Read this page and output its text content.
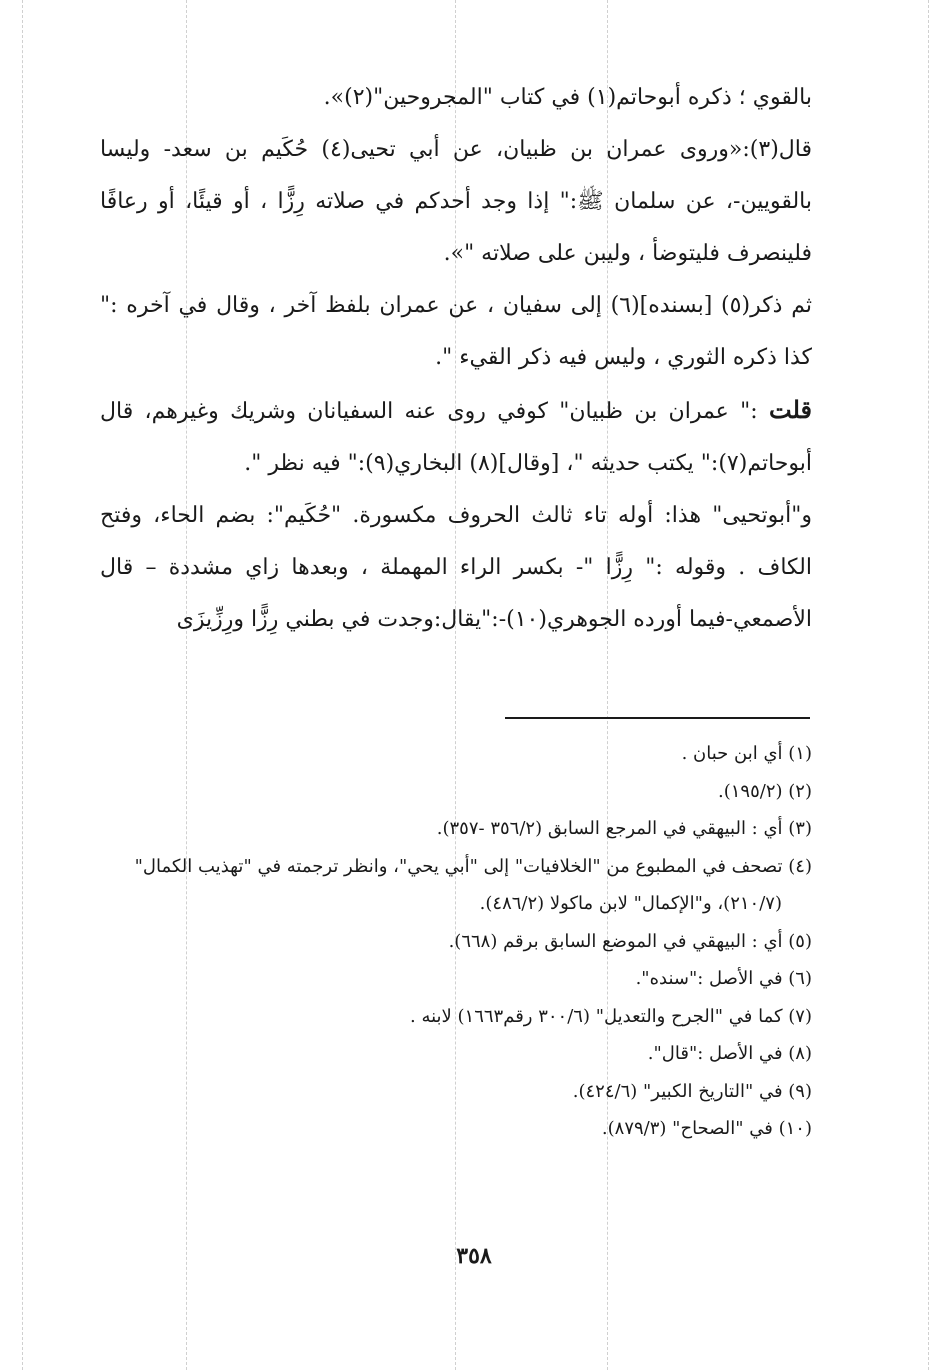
بالقوي ؛ ذكره أبوحاتم(١) في كتاب "المجروحين"(٢)».

قال(٣):«وروى عمران بن ظبيان، عن أبي تحيى(٤) حُكَيم بن سعد- وليسا بالقويين-، عن سلمان ﷺ:" إذا وجد أحدكم في صلاته رِزًّا ، أو قيئًا، أو رعافًا فلينصرف فليتوضأ ، وليبن على صلاته "».

ثم ذكر(٥) [بسنده](٦) إلى سفيان ، عن عمران بلفظ آخر ، وقال في آخره :" كذا ذكره الثوري ، وليس فيه ذكر القيء ".

قلت :" عمران بن ظبيان" كوفي روى عنه السفيانان وشريك وغيرهم، قال أبوحاتم(٧):" يكتب حديثه "، [وقال](٨) البخاري(٩):" فيه نظر ".

و"أبوتحيى" هذا: أوله تاء ثالث الحروف مكسورة. "حُكَيم": بضم الحاء، وفتح الكاف . وقوله :" رِزًّا "- بكسر الراء المهملة ، وبعدها زاي مشددة – قال الأصمعي-فيما أورده الجوهري(١٠)-:"يقال:وجدت في بطني رِزًّا ورِزِّيزَى

(١) أي ابن حبان .
(٢) (١٩٥/٢).
(٣) أي : البيهقي في المرجع السابق (٣٥٦/٢ -٣٥٧).
(٤) تصحف في المطبوع من "الخلافيات" إلى "أبي يحي"، وانظر ترجمته في "تهذيب الكمال"
(٢١٠/٧)، و"الإكمال" لابن ماكولا (٤٨٦/٢).
(٥) أي : البيهقي في الموضع السابق برقم (٦٦٨).
(٦) في الأصل :"سنده".
(٧) كما في "الجرح والتعديل" (٣٠٠/٦ رقم١٦٦٣) لابنه .
(٨) في الأصل :"قال".
(٩) في "التاريخ الكبير" (٤٢٤/٦).
(١٠) في "الصحاح" (٨٧٩/٣).
٣٥٨
